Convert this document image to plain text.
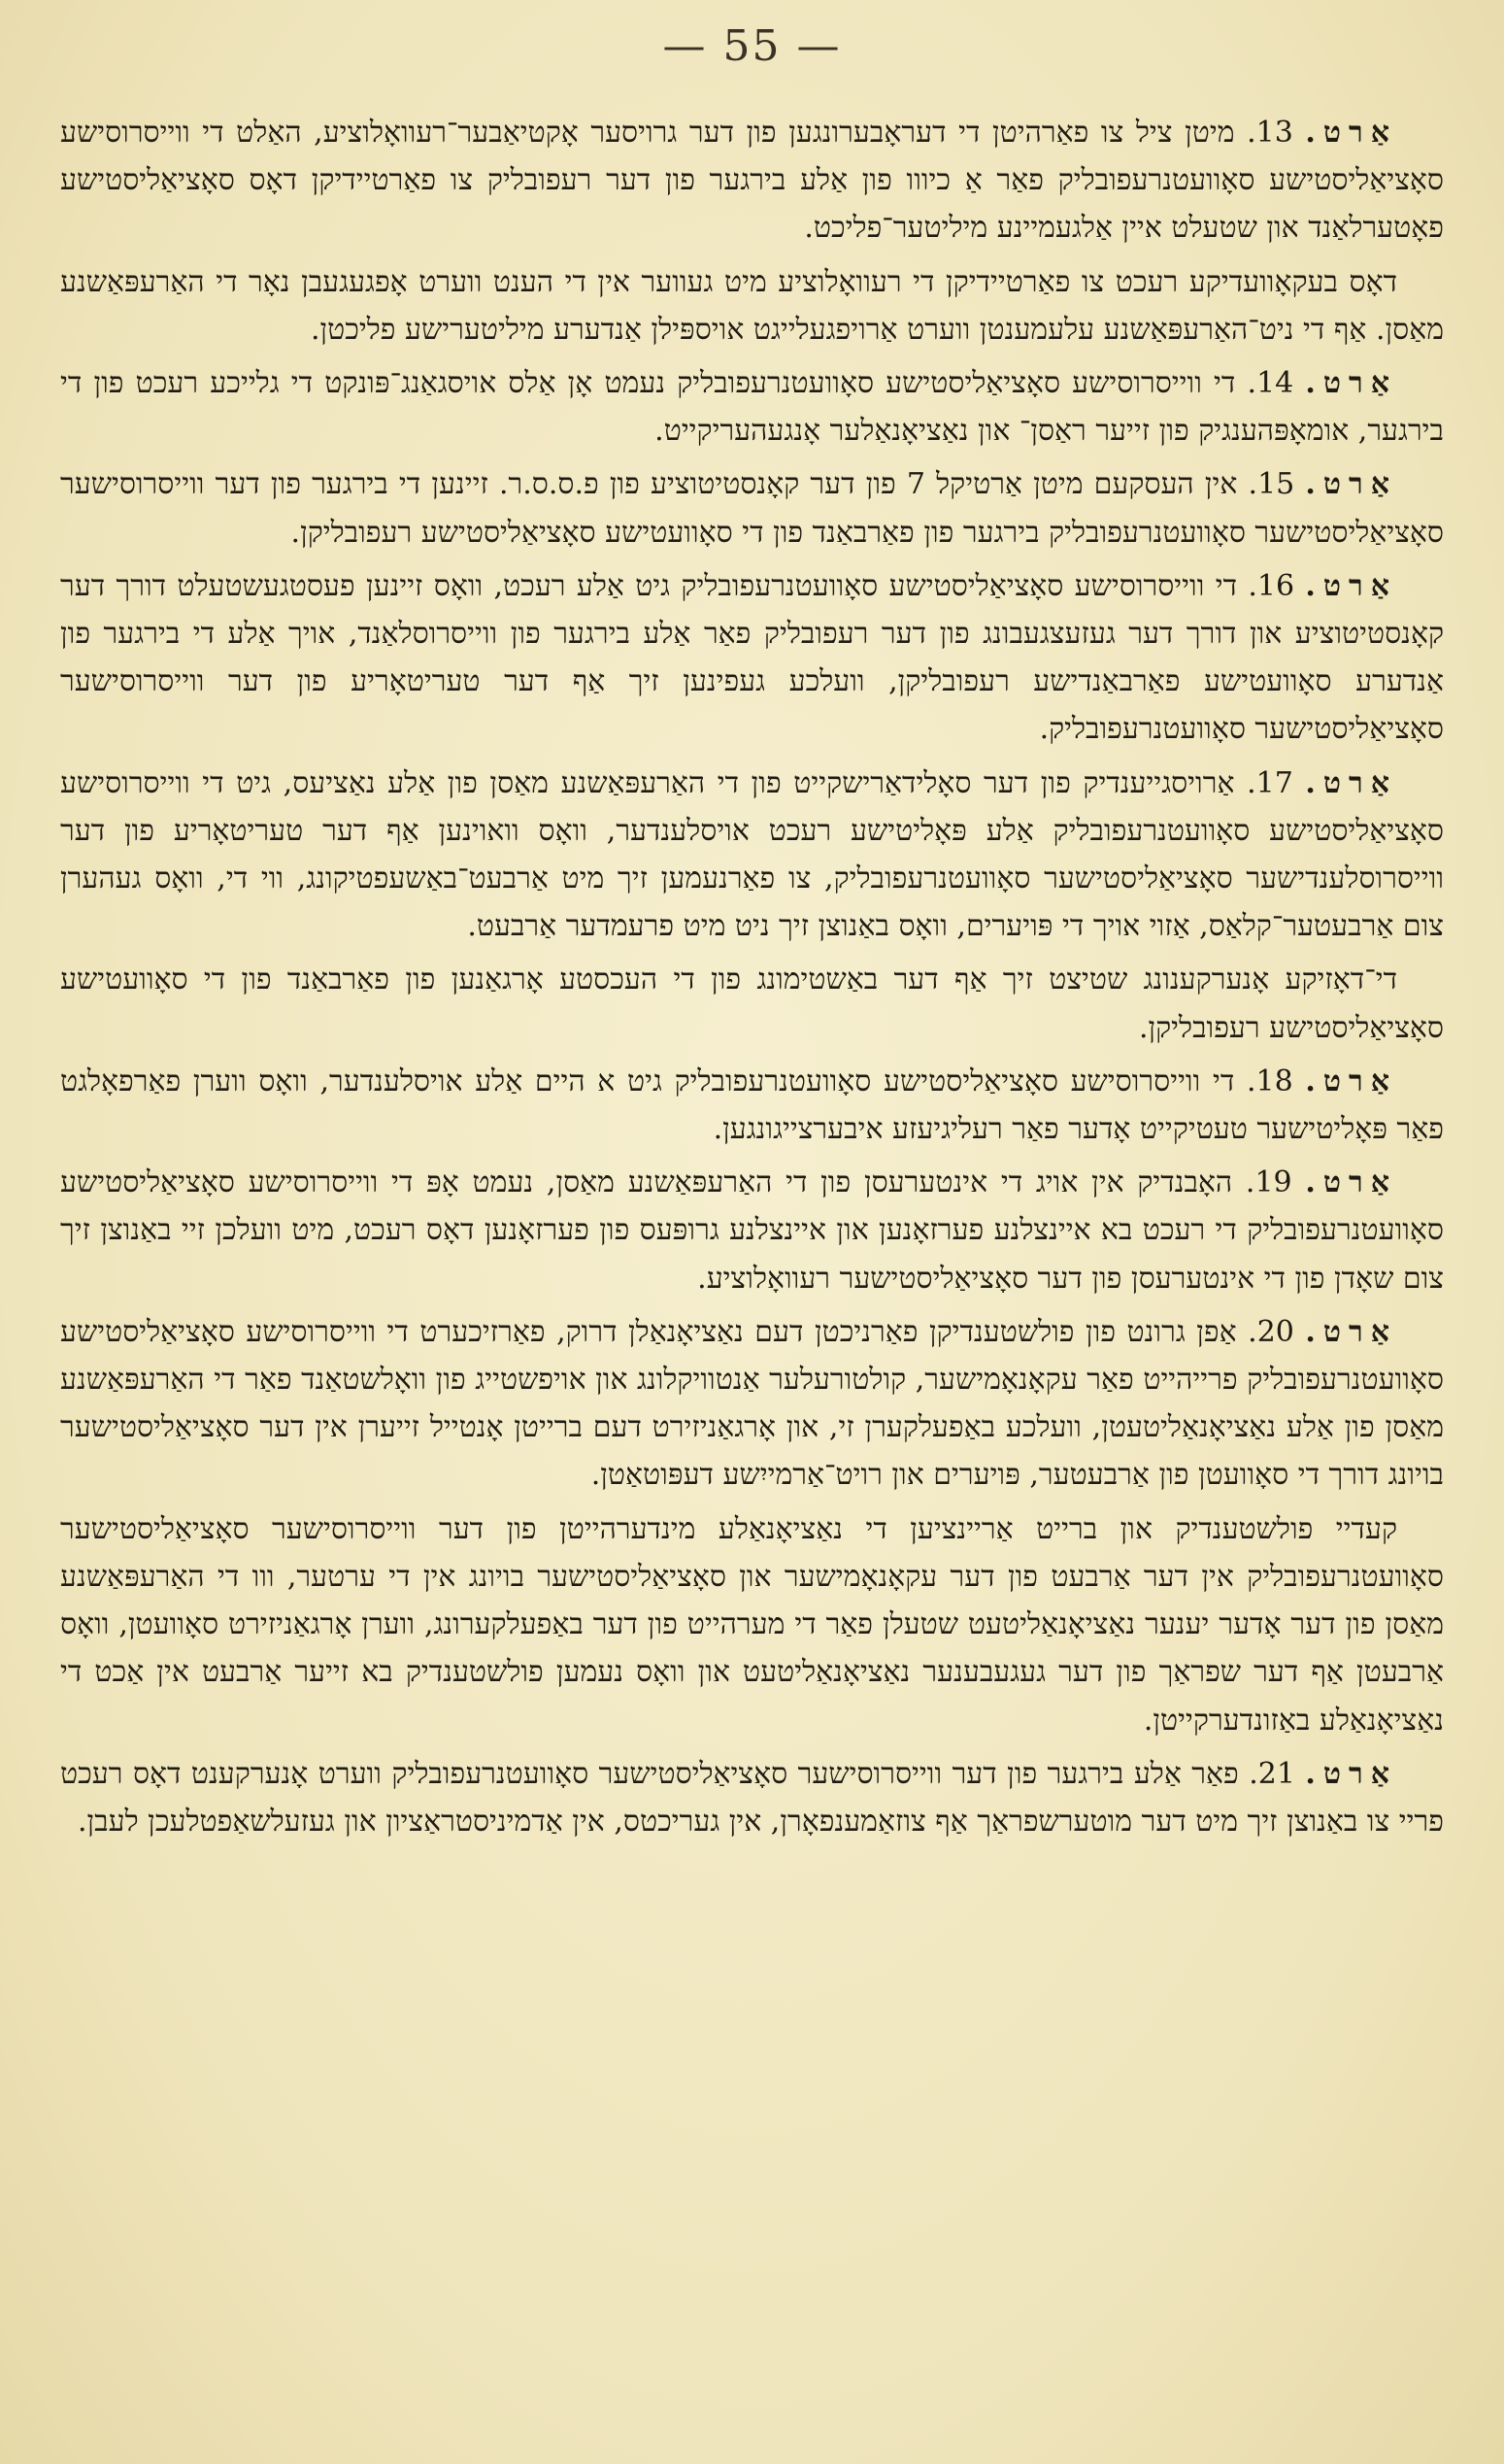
— 55 —

אַרט. 13. מיטן ציל צו פאַרהיטן די דעראָבערונגען פון דער גרויסער אָקטיאַבער־רעוואָלוציע, האַלט די ווייסרוסישע סאָציאַליסטישע סאָוועטנרעפובליק פאַר אַ כיווו פון אַלע בירגער פון דער רעפובליק צו פאַרטיידיקן דאָס סאָציאַליסטישע פאָטערלאַנד און שטעלט איין אַלגעמיינע מיליטער־פליכט.

דאָס בעקאָוועדיקע רעכט צו פאַרטיידיקן די רעוואָלוציע מיט געווער אין די הענט ווערט אָפגעגעבן נאָר די האַרעפּאַשנע מאַסן. אַף די ניט־האַרעפּאַשנע עלעמענטן ווערט אַרויפגעלייגט אויספּילן אַנדערע מיליטערישע פליכטן.

אַרט. 14. די ווייסרוסישע סאָציאַליסטישע סאָוועטנרעפובליק נעמט אָן אַלס אויסגאַנג־פּונקט די גלייכע רעכט פון די בירגער, אומאָפּהענגיק פון זייער ראַסן־ און נאַציאָנאַלער אָנגעהעריקייט.

אַרט. 15. אין העסקעם מיטן אַרטיקל 7 פון דער קאָנסטיטוציע פון פ.ס.ס.ר. זיינען די בירגער פון דער ווייסרוסישער סאָציאַליסטישער סאָוועטנרעפובליק בירגער פון פאַרבאַנד פון די סאָוועטישע סאָציאַליסטישע רעפובליקן.

אַרט. 16. די ווייסרוסישע סאָציאַליסטישע סאָוועטנרעפובליק גיט אַלע רעכט, וואָס זיינען פעסטגעשטעלט דורך דער קאָנסטיטוציע און דורך דער געזעצגעבונג פון דער רעפובליק פאַר אַלע בירגער פון ווייסרוסלאַנד, אויך אַלע די בירגער פון אַנדערע סאָוועטישע פאַרבאַנדישע רעפובליקן, וועלכע געפינען זיך אַף דער טעריטאָריע פון דער ווייסרוסישער סאָציאַליסטישער סאָוועטנרעפובליק.

אַרט. 17. אַרויסגייענדיק פון דער סאָלידאַרישקייט פון די האַרעפּאַשנע מאַסן פון אַלע נאַציעס, גיט די ווייסרוסישע סאָציאַליסטישע סאָוועטנרעפובליק אַלע פּאָליטישע רעכט אויסלענדער, וואָס וואוינען אַף דער טעריטאָריע פון דער ווייסרוסלענדישער סאָציאַליסטישער סאָוועטנרעפובליק, צו פאַרנעמען זיך מיט אַרבעט־באַשעפטיקונג, ווי די, וואָס געהערן צום אַרבעטער־קלאַס, אַזוי אויך די פּויערים, וואָס באַנוצן זיך ניט מיט פרעמדער אַרבעט.

די־דאָזיקע אָנערקענונג שטיצט זיך אַף דער באַשטימונג פון די העכסטע אָרגאַנען פון פאַרבאַנד פון די סאָוועטישע סאָציאַליסטישע רעפובליקן.

אַרט. 18. די ווייסרוסישע סאָציאַליסטישע סאָוועטנרעפובליק גיט א היים אַלע אויסלענדער, וואָס ווערן פאַרפאָלגט פאַר פּאָליטישער טעטיקייט אָדער פאַר רעליגיעזע איבערצייגונגען.

אַרט. 19. האָבנדיק אין אויג די אינטערעסן פון די האַרעפּאַשנע מאַסן, נעמט אָפּ די ווייסרוסישע סאָציאַליסטישע סאָוועטנרעפובליק די רעכט בא איינצלנע פערזאָנען און איינצלנע גרופּעס פון פערזאָנען דאָס רעכט, מיט וועלכן זיי באַנוצן זיך צום שאָדן פון די אינטערעסן פון דער סאָציאַליסטישער רעוואָלוציע.

אַרט. 20. אַפן גרונט פון פולשטענדיקן פאַרניכטן דעם נאַציאָנאַלן דרוק, פאַרזיכערט די ווייסרוסישע סאָציאַליסטישע סאָוועטנרעפובליק פרייהייט פאַר עקאָנאָמישער, קולטורעלער אַנטוויקלונג און אויפשטייג פון וואָלשטאַנד פאַר די האַרעפּאַשנע מאַסן פון אַלע נאַציאָנאַליטעטן, וועלכע באַפעלקערן זי, און אָרגאַניזירט דעם ברייטן אָנטייל זייערן אין דער סאָציאַליסטישער בויונג דורך די סאָוועטן פון אַרבעטער, פּויערים און רויט־אַרמייִשע דעפּוטאַטן.

קעדיי פולשטענדיק און ברייט אַריינציען די נאַציאָנאַלע מינדערהייטן פון דער ווייסרוסישער סאָציאַליסטישער סאָוועטנרעפובליק אין דער אַרבעט פון דער עקאָנאָמישער און סאָציאַליסטישער בויונג אין די ערטער, ווו די האַרעפּאַשנע מאַסן פון דער אָדער יענער נאַציאָנאַליטעט שטעלן פאַר די מערהייט פון דער באַפעלקערונג, ווערן אָרגאַניזירט סאָוועטן, וואָס אַרבעטן אַף דער שפראַך פון דער געגעבענער נאַציאָנאַליטעט און וואָס נעמען פולשטענדיק בא זייער אַרבעט אין אַכט די נאַציאָנאַלע באַזונדערקייטן.

אַרט. 21. פאַר אַלע בירגער פון דער ווייסרוסישער סאָציאַליסטישער סאָוועטנרעפובליק ווערט אָנערקענט דאָס רעכט פריי צו באַנוצן זיך מיט דער מוטערשפראַך אַף צוזאַמענפאָרן, אין געריכטס, אין אַדמיניסטראַציון און געזעלשאַפטלעכן לעבן.
